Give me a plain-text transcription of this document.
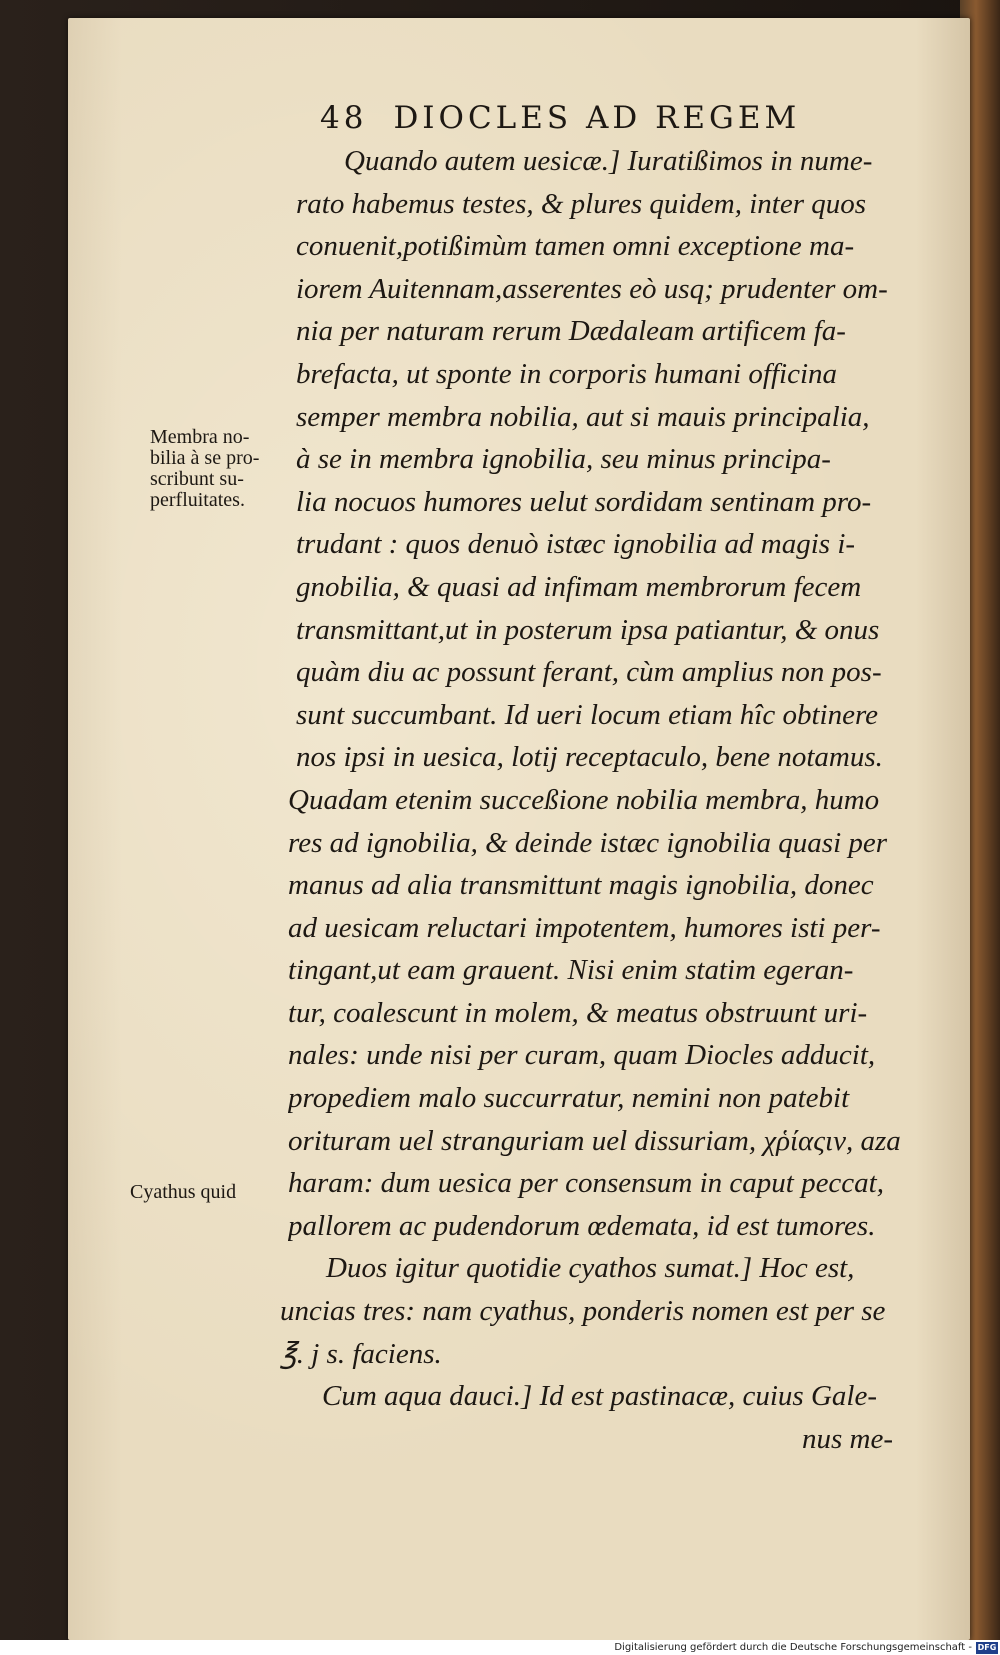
48 DIOCLES AD REGEM
Quando autem uesicæ.] Iuratißimos in nume-
rato habemus testes, & plures quidem, inter quos
conuenit,potißimùm tamen omni exceptione ma-
iorem Auitennam,asserentes eò usq; prudenter om-
nia per naturam rerum Dædaleam artificem fa-
brefacta, ut sponte in corporis humani officina
semper membra nobilia, aut si mauis principalia,
à se in membra ignobilia, seu minus principa-
lia nocuos humores uelut sordidam sentinam pro-
trudant : quos denuò istæc ignobilia ad magis i-
gnobilia, & quasi ad infimam membrorum fecem
transmittant,ut in posterum ipsa patiantur, & onus
quàm diu ac possunt ferant, cùm amplius non pos-
sunt succumbant. Id ueri locum etiam hîc obtinere
nos ipsi in uesica, lotij receptaculo, bene notamus.
Quadam etenim succeßione nobilia membra, humo
res ad ignobilia, & deinde istæc ignobilia quasi per
manus ad alia transmittunt magis ignobilia, donec
ad uesicam reluctari impotentem, humores isti per-
tingant,ut eam grauent. Nisi enim statim egeran-
tur, coalescunt in molem, & meatus obstruunt uri-
nales: unde nisi per curam, quam Diocles adducit,
propediem malo succurratur, nemini non patebit
orituram uel stranguriam uel dissuriam, χῥίαςιν, aza
haram: dum uesica per consensum in caput peccat,
pallorem ac pudendorum œdemata, id est tumores.
Duos igitur quotidie cyathos sumat.] Hoc est,
uncias tres: nam cyathus, ponderis nomen est per se
℥. j s. faciens.
Cum aqua dauci.] Id est pastinacæ, cuius Gale-
nus me-
Membra no-
bilia à se pro-
scribunt su-
perfluitates.
Cyathus quid
Digitalisierung gefördert durch die Deutsche Forschungsgemeinschaft - DFG
